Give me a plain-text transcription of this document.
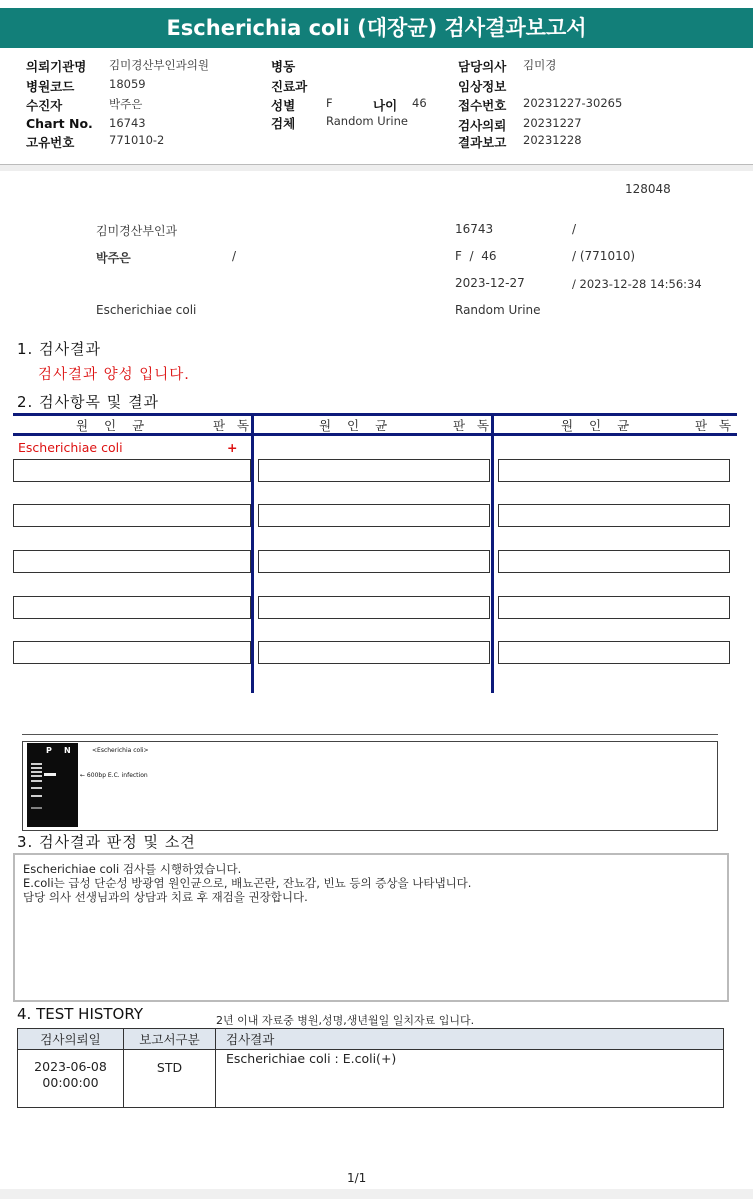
Escherichia coli (대장균) 검사결과보고서
의뢰기관명 김미경산부인과의원
병원코드	18059
수진자	박주은
Chart No. 16743
고유번호	771010-2
병동
진료과
성별	F	나이 46
검체	Random Urine
담당의사 김미경
임상정보
접수번호 20231227-30265
검사의뢰 20231227
결과보고 20231228
128048
김미경산부인과	16743	/
박주은	/	F  /  46	/ (771010)
2023-12-27	/ 2023-12-28 14:56:34
Escherichiae coli	Random Urine
1. 검사결과
검사결과 양성 입니다.
2. 검사항목 및 결과
원 인 균	판 독	원 인 균	판 독	원 인 균	판 독
Escherichiae coli	+
P N	<Escherichia coli>
← 600bp E.C. infection
3. 검사결과 판정 및 소견
Escherichiae coli 검사를 시행하였습니다.
E.coli는 급성 단순성 방광염 원인균으로, 배뇨곤란, 잔뇨감, 빈뇨 등의 증상을 나타냅니다.
담당 의사 선생님과의 상담과 치료 후 재검을 권장합니다.
4. TEST HISTORY	2년 이내 자료중 병원,성명,생년월일 일치자료 입니다.
검사의뢰일	보고서구분	검사결과

2023-06-08
00:00:00	STD	Escherichiae coli : E.coli(+)
1/1
